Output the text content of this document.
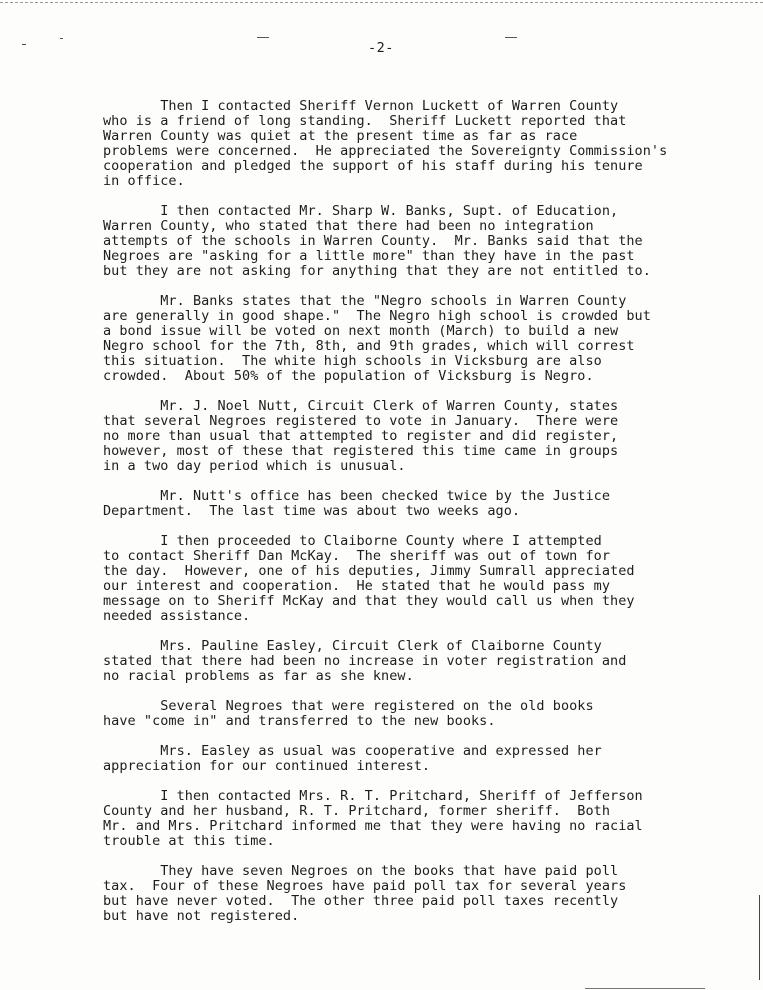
-2-
Then I contacted Sheriff Vernon Luckett of Warren County
who is a friend of long standing.  Sheriff Luckett reported that
Warren County was quiet at the present time as far as race
problems were concerned.  He appreciated the Sovereignty Commission's
cooperation and pledged the support of his staff during his tenure
in office.
I then contacted Mr. Sharp W. Banks, Supt. of Education,
Warren County, who stated that there had been no integration
attempts of the schools in Warren County.  Mr. Banks said that the
Negroes are "asking for a little more" than they have in the past
but they are not asking for anything that they are not entitled to.
Mr. Banks states that the "Negro schools in Warren County
are generally in good shape."  The Negro high school is crowded but
a bond issue will be voted on next month (March) to build a new
Negro school for the 7th, 8th, and 9th grades, which will correst
this situation.  The white high schools in Vicksburg are also
crowded.  About 50% of the population of Vicksburg is Negro.
Mr. J. Noel Nutt, Circuit Clerk of Warren County, states
that several Negroes registered to vote in January.  There were
no more than usual that attempted to register and did register,
however, most of these that registered this time came in groups
in a two day period which is unusual.
Mr. Nutt's office has been checked twice by the Justice
Department.  The last time was about two weeks ago.
I then proceeded to Claiborne County where I attempted
to contact Sheriff Dan McKay.  The sheriff was out of town for
the day.  However, one of his deputies, Jimmy Sumrall appreciated
our interest and cooperation.  He stated that he would pass my
message on to Sheriff McKay and that they would call us when they
needed assistance.
Mrs. Pauline Easley, Circuit Clerk of Claiborne County
stated that there had been no increase in voter registration and
no racial problems as far as she knew.
Several Negroes that were registered on the old books
have "come in" and transferred to the new books.
Mrs. Easley as usual was cooperative and expressed her
appreciation for our continued interest.
I then contacted Mrs. R. T. Pritchard, Sheriff of Jefferson
County and her husband, R. T. Pritchard, former sheriff.  Both
Mr. and Mrs. Pritchard informed me that they were having no racial
trouble at this time.
They have seven Negroes on the books that have paid poll
tax.  Four of these Negroes have paid poll tax for several years
but have never voted.  The other three paid poll taxes recently
but have not registered.
